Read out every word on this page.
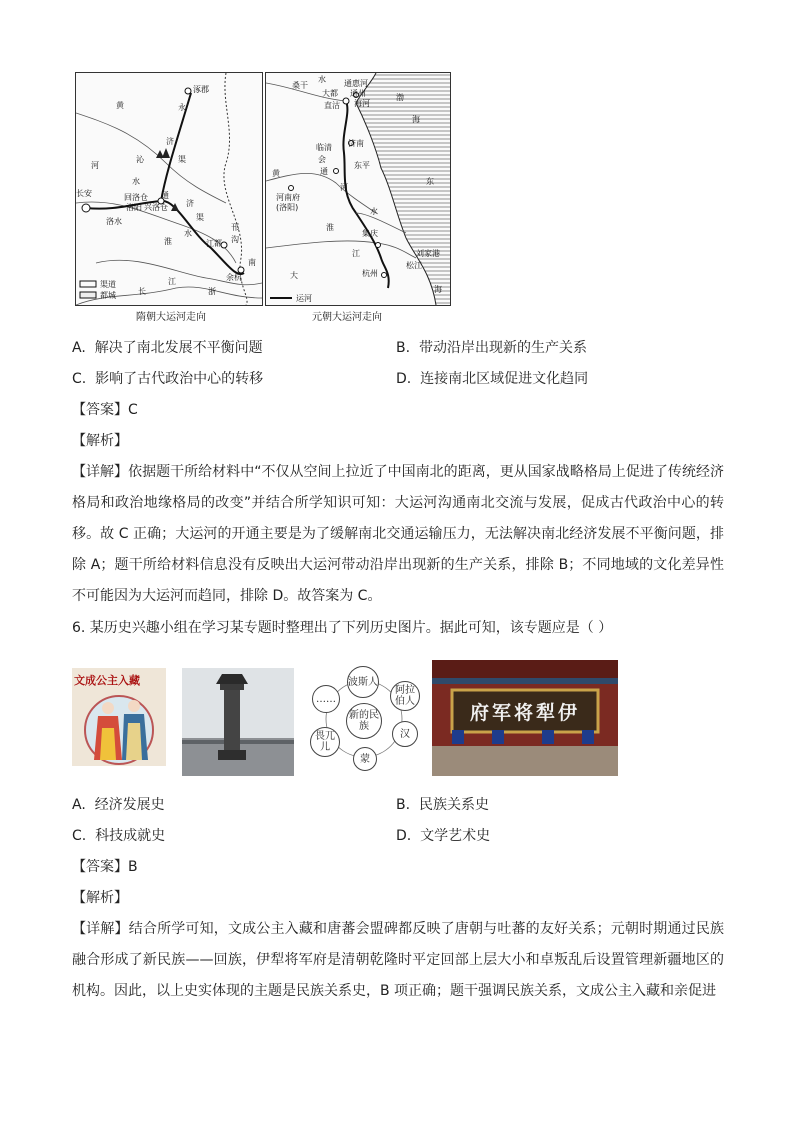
涿郡
黄	永
济
沁
水
河
长安	通
渠
洛阳 兴洛仓
洛水
回洛仓
济
渠
淮
水
邗
沟
江都
江
南
浙
余杭
长
渠道
都城
隋朝大运河走向
桑干
水 通惠河
大都 通州
海河
直沽
渤
海
济南
临清
会
通
河
东平
黄
河南府
(洛阳)
东
淮
水
集庆
江
大
刘家港
杭州
松江
海
运河
元朝大运河走向
A. 解决了南北发展不平衡问题	B. 带动沿岸出现新的生产关系
C. 影响了古代政治中心的转移	D. 连接南北区域促进文化趋同
【答案】C
【解析】
【详解】依据题干所给材料中“不仅从空间上拉近了中国南北的距离，更从国家战略格局上促进了传统经济格局和政治地缘格局的改变”并结合所学知识可知：大运河沟通南北交流与发展，促成古代政治中心的转移。故 C 正确；大运河的开通主要是为了缓解南北交通运输压力，无法解决南北经济发展不平衡问题，排除 A；题干所给材料信息没有反映出大运河带动沿岸出现新的生产关系，排除 B；不同地域的文化差异性不可能因为大运河而趋同，排除 D。故答案为 C。
6. 某历史兴趣小组在学习某专题时整理出了下列历史图片。据此可知，该专题应是（ ）
文成公主入藏	波斯人
阿拉伯人
汉
蒙
畏兀儿
……
新的民族
伊犁将军府
A. 经济发展史	B. 民族关系史
C. 科技成就史	D. 文学艺术史
【答案】B
【解析】
【详解】结合所学可知，文成公主入藏和唐蕃会盟碑都反映了唐朝与吐蕃的友好关系；元朝时期通过民族融合形成了新民族——回族，伊犁将军府是清朝乾隆时平定回部上层大小和卓叛乱后设置管理新疆地区的机构。因此，以上史实体现的主题是民族关系史，B 项正确；题干强调民族关系，文成公主入藏和亲促进
